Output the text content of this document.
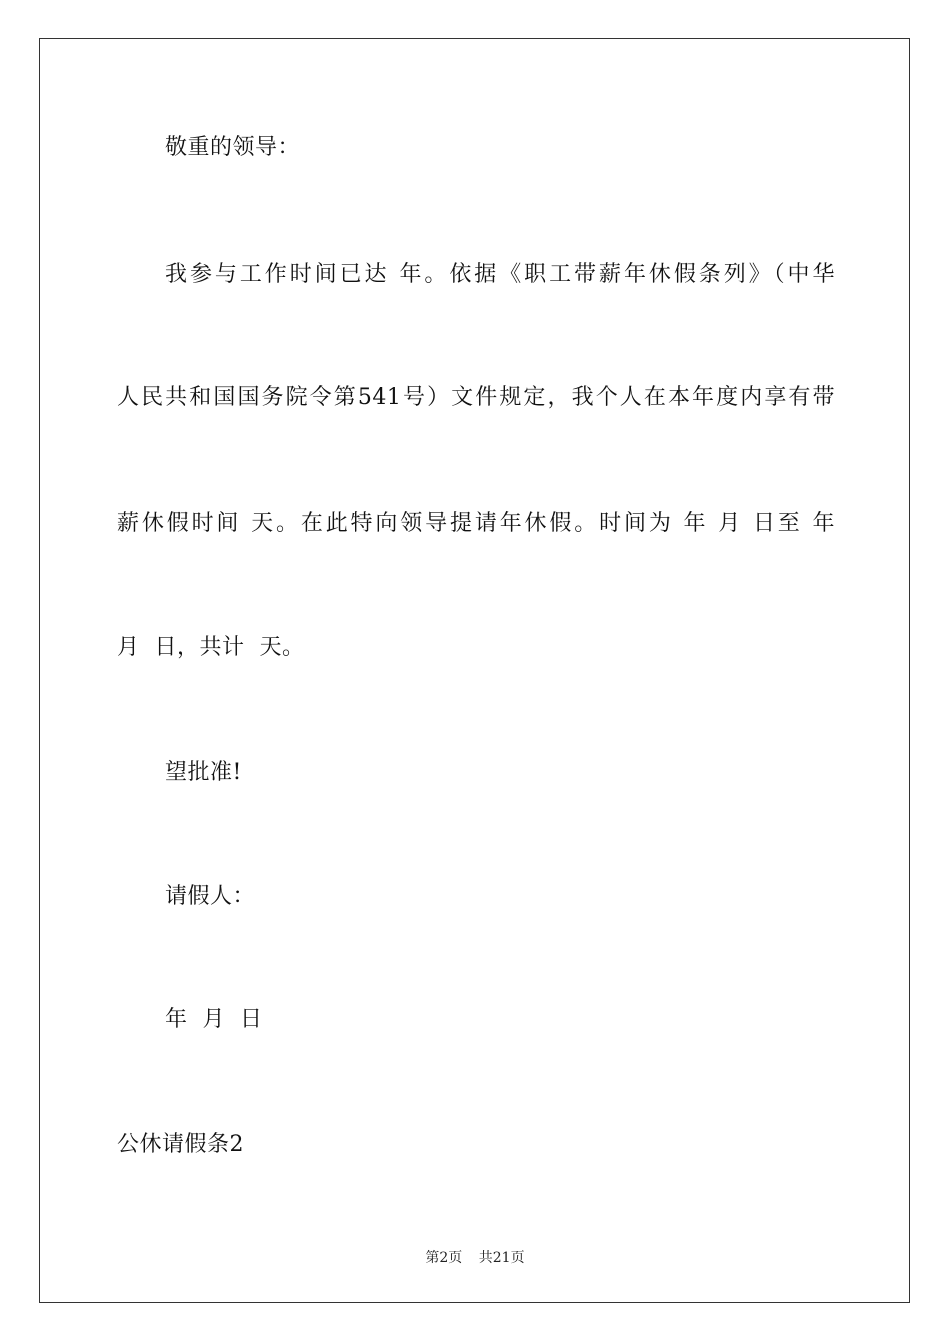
敬重的领导：
我参与工作时间已达 年。依据《职工带薪年休假条列》（中华
人民共和国国务院令第541号）文件规定，我个人在本年度内享有带
薪休假时间 天。在此特向领导提请年休假。时间为 年 月 日至 年
月  日，共计  天。
望批准!
请假人：
年  月  日
公休请假条2
第2页 共21页
